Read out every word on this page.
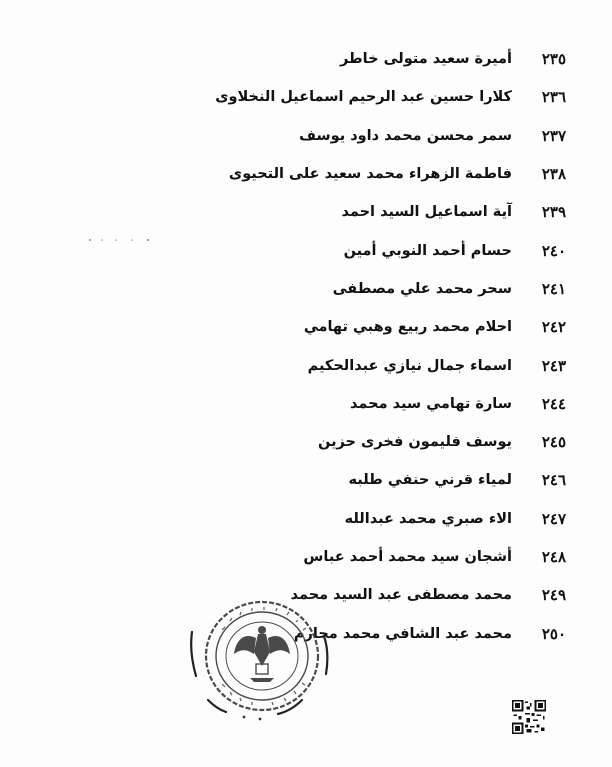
٢٣٥
أميرة سعيد متولى خاطر
٢٣٦
كلارا حسين عبد الرحيم اسماعيل النخلاوى
٢٣٧
سمر محسن محمد داود يوسف
٢٣٨
فاطمة الزهراء محمد سعيد على التحيوى
٢٣٩
آية اسماعيل السيد احمد
٢٤٠
حسام أحمد النوبي أمين
٢٤١
سحر محمد علي مصطفى
٢٤٢
احلام محمد ربيع وهبي تهامي
٢٤٣
اسماء جمال نيازي عبدالحكيم
٢٤٤
سارة تهامي سيد محمد
٢٤٥
يوسف فليمون فخرى حزين
٢٤٦
لمياء قرني حنفي طلبه
٢٤٧
الاء صبري محمد عبدالله
٢٤٨
أشجان سيد محمد أحمد عباس
٢٤٩
محمد مصطفى عبد السيد محمد
٢٥٠
محمد عبد الشافي محمد محارم
